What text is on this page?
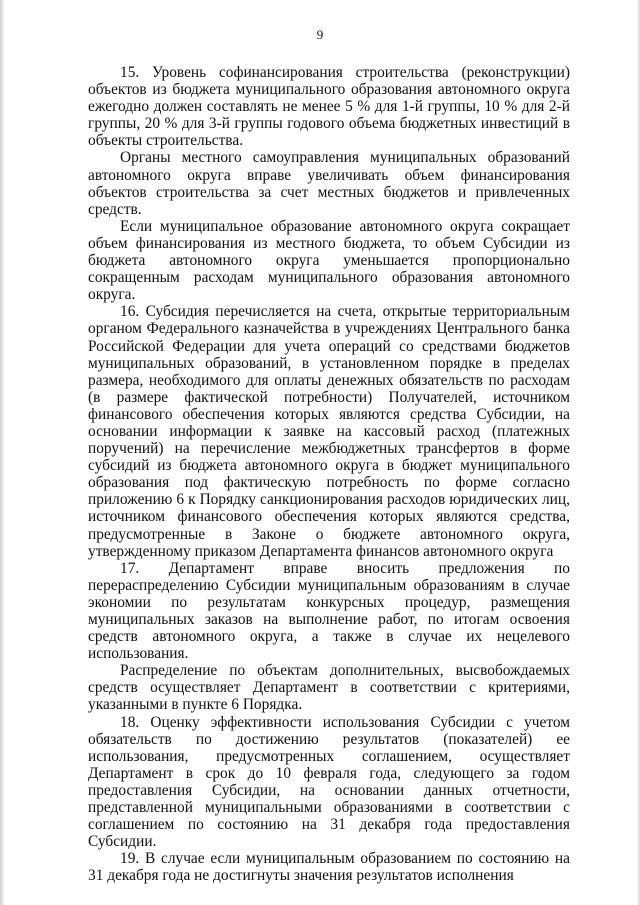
9

15. Уровень софинансирования строительства (реконструкции) объектов из бюджета муниципального образования автономного округа ежегодно должен составлять не менее 5 % для 1-й группы, 10 % для 2-й группы, 20 % для 3-й группы годового объема бюджетных инвестиций в объекты строительства.

Органы местного самоуправления муниципальных образований автономного округа вправе увеличивать объем финансирования объектов строительства за счет местных бюджетов и привлеченных средств.

Если муниципальное образование автономного округа сокращает объем финансирования из местного бюджета, то объем Субсидии из бюджета автономного округа уменьшается пропорционально сокращенным расходам муниципального образования автономного округа.

16. Субсидия перечисляется на счета, открытые территориальным органом Федерального казначейства в учреждениях Центрального банка Российской Федерации для учета операций со средствами бюджетов муниципальных образований, в установленном порядке в пределах размера, необходимого для оплаты денежных обязательств по расходам (в размере фактической потребности) Получателей, источником финансового обеспечения которых являются средства Субсидии, на основании информации к заявке на кассовый расход (платежных поручений) на перечисление межбюджетных трансфертов в форме субсидий из бюджета автономного округа в бюджет муниципального образования под фактическую потребность по форме согласно приложению 6 к Порядку санкционирования расходов юридических лиц, источником финансового обеспечения которых являются средства, предусмотренные в Законе о бюджете автономного округа, утвержденному приказом Департамента финансов автономного округа

17. Департамент вправе вносить предложения по перераспределению Субсидии муниципальным образованиям в случае экономии по результатам конкурсных процедур, размещения муниципальных заказов на выполнение работ, по итогам освоения средств автономного округа, а также в случае их нецелевого использования.

Распределение по объектам дополнительных, высвобождаемых средств осуществляет Департамент в соответствии с критериями, указанными в пункте 6 Порядка.

18. Оценку эффективности использования Субсидии с учетом обязательств по достижению результатов (показателей) ее использования, предусмотренных соглашением, осуществляет Департамент в срок до 10 февраля года, следующего за годом предоставления Субсидии, на основании данных отчетности, представленной муниципальными образованиями в соответствии с соглашением по состоянию на 31 декабря года предоставления Субсидии.

19. В случае если муниципальным образованием по состоянию на 31 декабря года не достигнуты значения результатов исполнения
